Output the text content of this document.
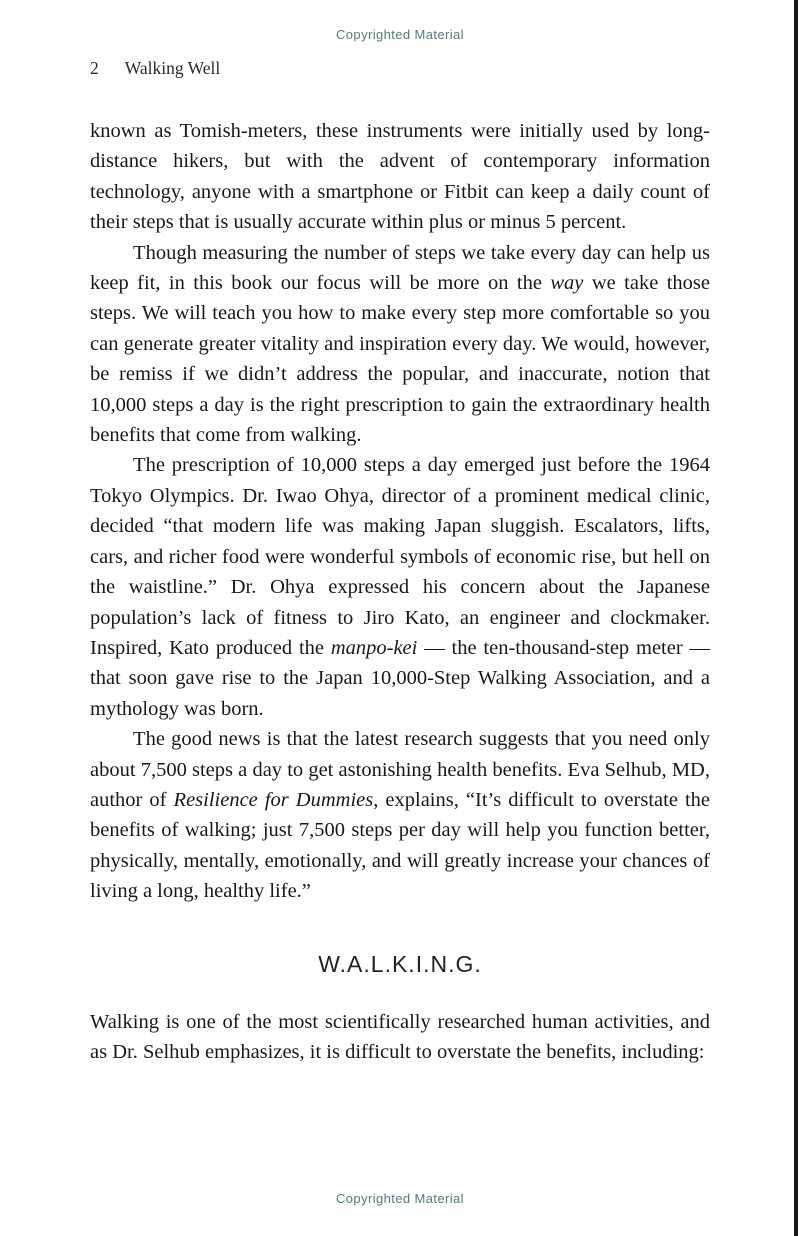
Copyrighted Material
2 Walking Well

known as Tomish-meters, these instruments were initially used by long-distance hikers, but with the advent of contemporary information technology, anyone with a smartphone or Fitbit can keep a daily count of their steps that is usually accurate within plus or minus 5 percent.

Though measuring the number of steps we take every day can help us keep fit, in this book our focus will be more on the way we take those steps. We will teach you how to make every step more comfortable so you can generate greater vitality and inspiration every day. We would, however, be remiss if we didn’t address the popular, and inaccurate, notion that 10,000 steps a day is the right prescription to gain the extraordinary health benefits that come from walking.

The prescription of 10,000 steps a day emerged just before the 1964 Tokyo Olympics. Dr. Iwao Ohya, director of a prominent medical clinic, decided “that modern life was making Japan sluggish. Escalators, lifts, cars, and richer food were wonderful symbols of economic rise, but hell on the waistline.” Dr. Ohya expressed his concern about the Japanese population’s lack of fitness to Jiro Kato, an engineer and clockmaker. Inspired, Kato produced the manpo-kei — the ten-thousand-step meter — that soon gave rise to the Japan 10,000-Step Walking Association, and a mythology was born.

The good news is that the latest research suggests that you need only about 7,500 steps a day to get astonishing health benefits. Eva Selhub, MD, author of Resilience for Dummies, explains, “It’s difficult to overstate the benefits of walking; just 7,500 steps per day will help you function better, physically, mentally, emotionally, and will greatly increase your chances of living a long, healthy life.”

W.A.L.K.I.N.G.

Walking is one of the most scientifically researched human activities, and as Dr. Selhub emphasizes, it is difficult to overstate the benefits, including:

Copyrighted Material
